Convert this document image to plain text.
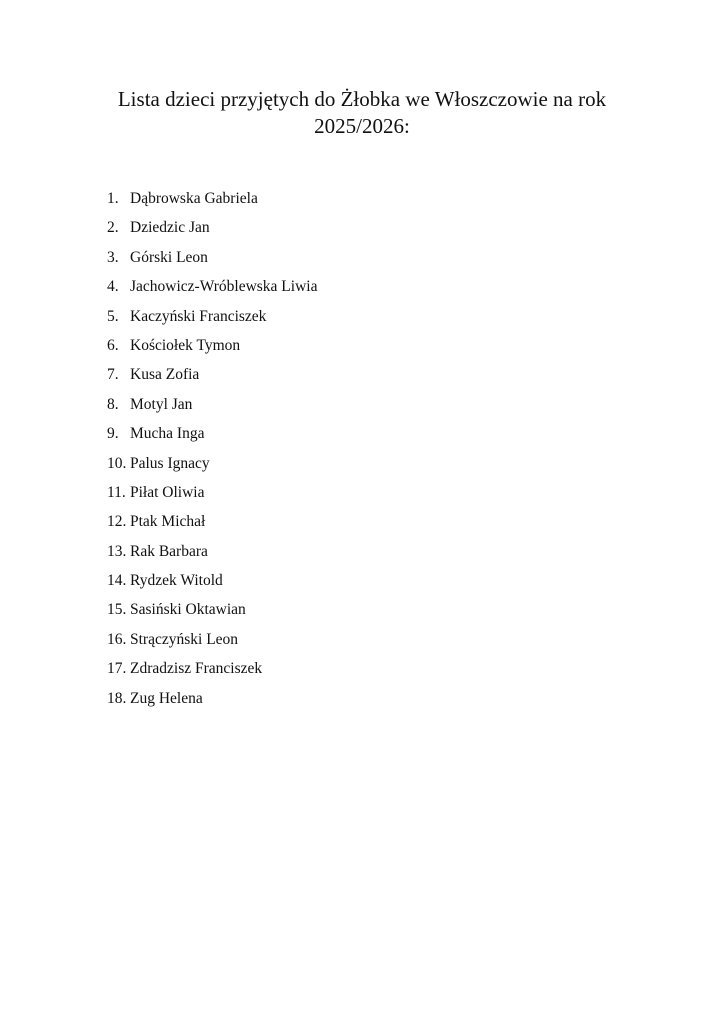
Lista dzieci przyjętych do Żłobka we Włoszczowie na rok
2025/2026:
1. Dąbrowska Gabriela
2. Dziedzic Jan
3. Górski Leon
4. Jachowicz-Wróblewska Liwia
5. Kaczyński Franciszek
6. Kościołek Tymon
7. Kusa Zofia
8. Motyl Jan
9. Mucha Inga
10. Palus Ignacy
11. Piłat Oliwia
12. Ptak Michał
13. Rak Barbara
14. Rydzek Witold
15. Sasiński Oktawian
16. Strączyński Leon
17. Zdradzisz Franciszek
18. Zug Helena
